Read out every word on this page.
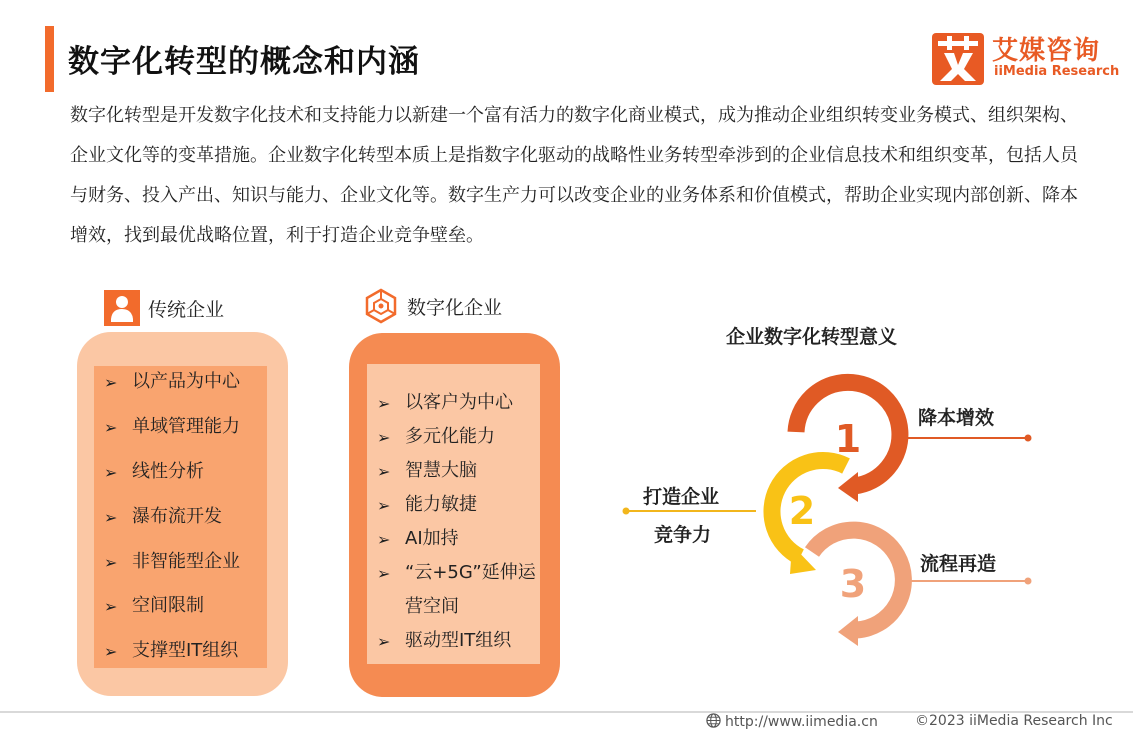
数字化转型的概念和内涵	艾媒咨询
iiMedia Research
数字化转型是开发数字化技术和支持能力以新建一个富有活力的数字化商业模式，成为推动企业组织转变业务模式、组织架构、企业文化等的变革措施。企业数字化转型本质上是指数字化驱动的战略性业务转型牵涉到的企业信息技术和组织变革，包括人员与财务、投入产出、知识与能力、企业文化等。数字生产力可以改变企业的业务体系和价值模式，帮助企业实现内部创新、降本增效，找到最优战略位置，利于打造企业竞争壁垒。
传统企业
➢ 以产品为中心
➢ 单域管理能力
➢ 线性分析
➢ 瀑布流开发
➢ 非智能型企业
➢ 空间限制
➢ 支撑型IT组织
数字化企业
➢ 以客户为中心
➢ 多元化能力
➢ 智慧大脑
➢ 能力敏捷
➢ AI加持
➢ “云+5G”延伸运营空间
➢ 驱动型IT组织
企业数字化转型意义
1
2
3
降本增效
打造企业
竞争力
流程再造
http://www.iimedia.cn	©2023 iiMedia Research Inc
